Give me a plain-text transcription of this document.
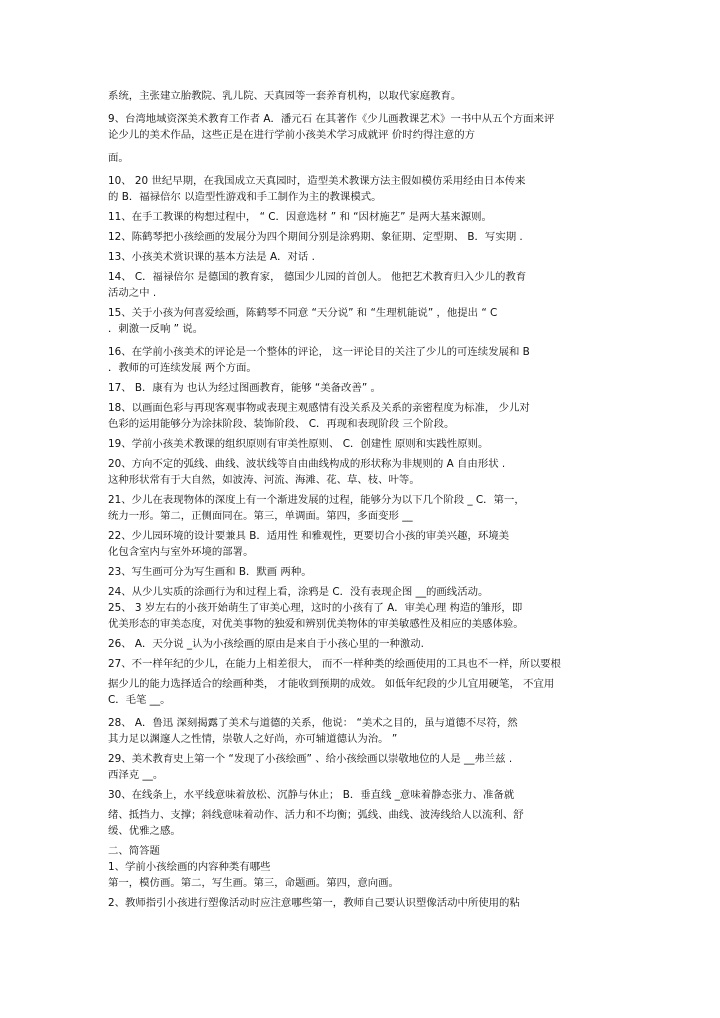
系统，主张建立胎教院、乳儿院、天真园等一套养育机构，以取代家庭教育。
9、台湾地域资深美术教育工作者 A．潘元石 在其著作《少儿画教课艺术》一书中从五个方面来评
论少儿的美术作品，这些正是在进行学前小孩美术学习成就评 价时约得注意的方
面。
10、 20 世纪早期，在我国成立天真园时，造型美术教课方法主假如模仿采用经由日本传来
的 B．福禄倍尔 以造型性游戏和手工制作为主的教课模式。
11、在手工教课的构想过程中， “ C．因意选材 ” 和 “因材施艺” 是两大基来源则。
12、陈鹤琴把小孩绘画的发展分为四个期间分别是涂鸦期、象征期、定型期、 B．写实期 .
13、小孩美术赏识课的基本方法是 A．对话 .
14、 C．福禄倍尔 是德国的教育家， 德国少儿园的首创人。 他把艺术教育归入少儿的教育
活动之中 .
15、关于小孩为何喜爱绘画，陈鹤琴不同意 “天分说” 和 “生理机能说” ，他提出 “ C
．刺激一反响 ” 说。
16、在学前小孩美术的评论是一个整体的评论， 这一评论目的关注了少儿的可连续发展和 B
．教师的可连续发展 两个方面。
17、 B．康有为 也认为经过图画教育，能够 “美备改善” 。
18、以画面色彩与再现客观事物或表现主观感情有没关系及关系的亲密程度为标准， 少儿对
色彩的运用能够分为涂抹阶段、装饰阶段、 C．再现和表现阶段 三个阶段。
19、学前小孩美术教课的组织原则有审美性原则、 C．创建性 原则和实践性原则。
20、方向不定的弧线、曲线、波状线等自由曲线构成的形状称为非规则的 A 自由形状 .
这种形状常有于大自然，如波涛、河流、海滩、花、草、枝、叶等。
21、少儿在表现物体的深度上有一个渐进发展的过程，能够分为以下几个阶段 _ C．第一，
统力一形。第二，正侧面同在。第三，单调面。第四，多面变形 __
22、少儿园环境的设计要兼具 B．适用性 和雅观性，更要切合小孩的审美兴趣，环境美
化包含室内与室外环境的部署。
23、写生画可分为写生画和 B．默画 两种。
24、从少儿实质的涂画行为和过程上看，涂鸦是 C．没有表现企图 __的画线活动。
25、 3 岁左右的小孩开始萌生了审美心理，这时的小孩有了 A．审美心理 构造的雏形，即
优美形态的审美态度，对优美事物的独爱和辨别优美物体的审美敏感性及相应的美感体验。
26、 A．天分说 _认为小孩绘画的原由是来自于小孩心里的一种激动.
27、不一样年纪的少儿，在能力上相差很大， 而不一样种类的绘画使用的工具也不一样，所以要根
据少儿的能力选择适合的绘画种类， 才能收到预期的成效。 如低年纪段的少儿宜用硬笔， 不宜用
C．毛笔 __。
28、 A．鲁迅 深刻揭露了美术与道德的关系，他说： “美术之目的，虽与道德不尽符，然
其力足以渊邃人之性情，崇敬人之好尚，亦可辅道德认为治。 ”
29、美术教育史上第一个 “发现了小孩绘画” 、给小孩绘画以崇敬地位的人是 __弗兰兹 .
西泽克 __。
30、在线条上，水平线意味着放松、沉静与休止； B．垂直线 _意味着静态张力、准备就
绪、抵挡力、支撑；斜线意味着动作、活力和不均衡；弧线、曲线、波涛线给人以流利、舒
缓、优雅之感。
二、简答题
1、学前小孩绘画的内容种类有哪些
第一，模仿画。第二，写生画。第三，命题画。第四，意向画。
2、教师指引小孩进行塑像活动时应注意哪些第一，教师自己要认识塑像活动中所使用的粘
